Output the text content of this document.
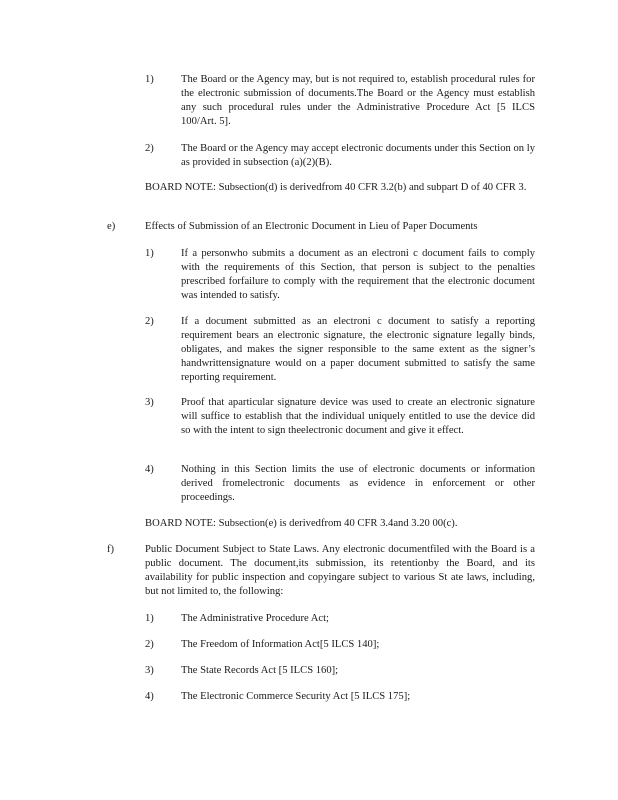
1)	The Board or the Agency may, but is not required to, establish procedural rules for the electronic submission of documents.The Board or the Agency must establish any such procedural rules under the Administrative Procedure Act [5 ILCS 100/Art. 5].
2)	The Board or the Agency may accept electronic documents under this Section on ly as provided in subsection (a)(2)(B).
BOARD NOTE: Subsection(d) is derivedfrom 40 CFR 3.2(b) and subpart D of 40 CFR 3.
e)	Effects of Submission of an Electronic Document in Lieu of Paper Documents
1)	If a personwho submits a document as an electroni c document fails to comply with the requirements of this Section, that person is subject to the penalties prescribed forfailure to comply with the requirement that the electronic document was intended to satisfy.
2)	If a document submitted as an electroni c document to satisfy a reporting requirement bears an electronic signature, the electronic signature legally binds, obligates, and makes the signer responsible to the same extent as the signer’s handwrittensignature would on a paper document submitted to satisfy the same reporting requirement.
3)	Proof that aparticular signature device was used to create an electronic signature will suffice to establish that the individual uniquely entitled to use the device did so with the intent to sign theelectronic document and give it effect.
4)	Nothing in this Section limits the use of electronic documents or information derived fromelectronic documents as evidence in enforcement or other proceedings.
BOARD NOTE: Subsection(e) is derivedfrom 40 CFR 3.4and 3.20 00(c).
f)	Public Document Subject to State Laws. Any electronic documentfiled with the Board is a public document. The document,its submission, its retentionby the Board, and its availability for public inspection and copyingare subject to various St ate laws, including, but not limited to, the following:
1)	The Administrative Procedure Act;
2)	The Freedom of Information Act[5 ILCS 140];
3)	The State Records Act [5 ILCS 160];
4)	The Electronic Commerce Security Act [5 ILCS 175];
